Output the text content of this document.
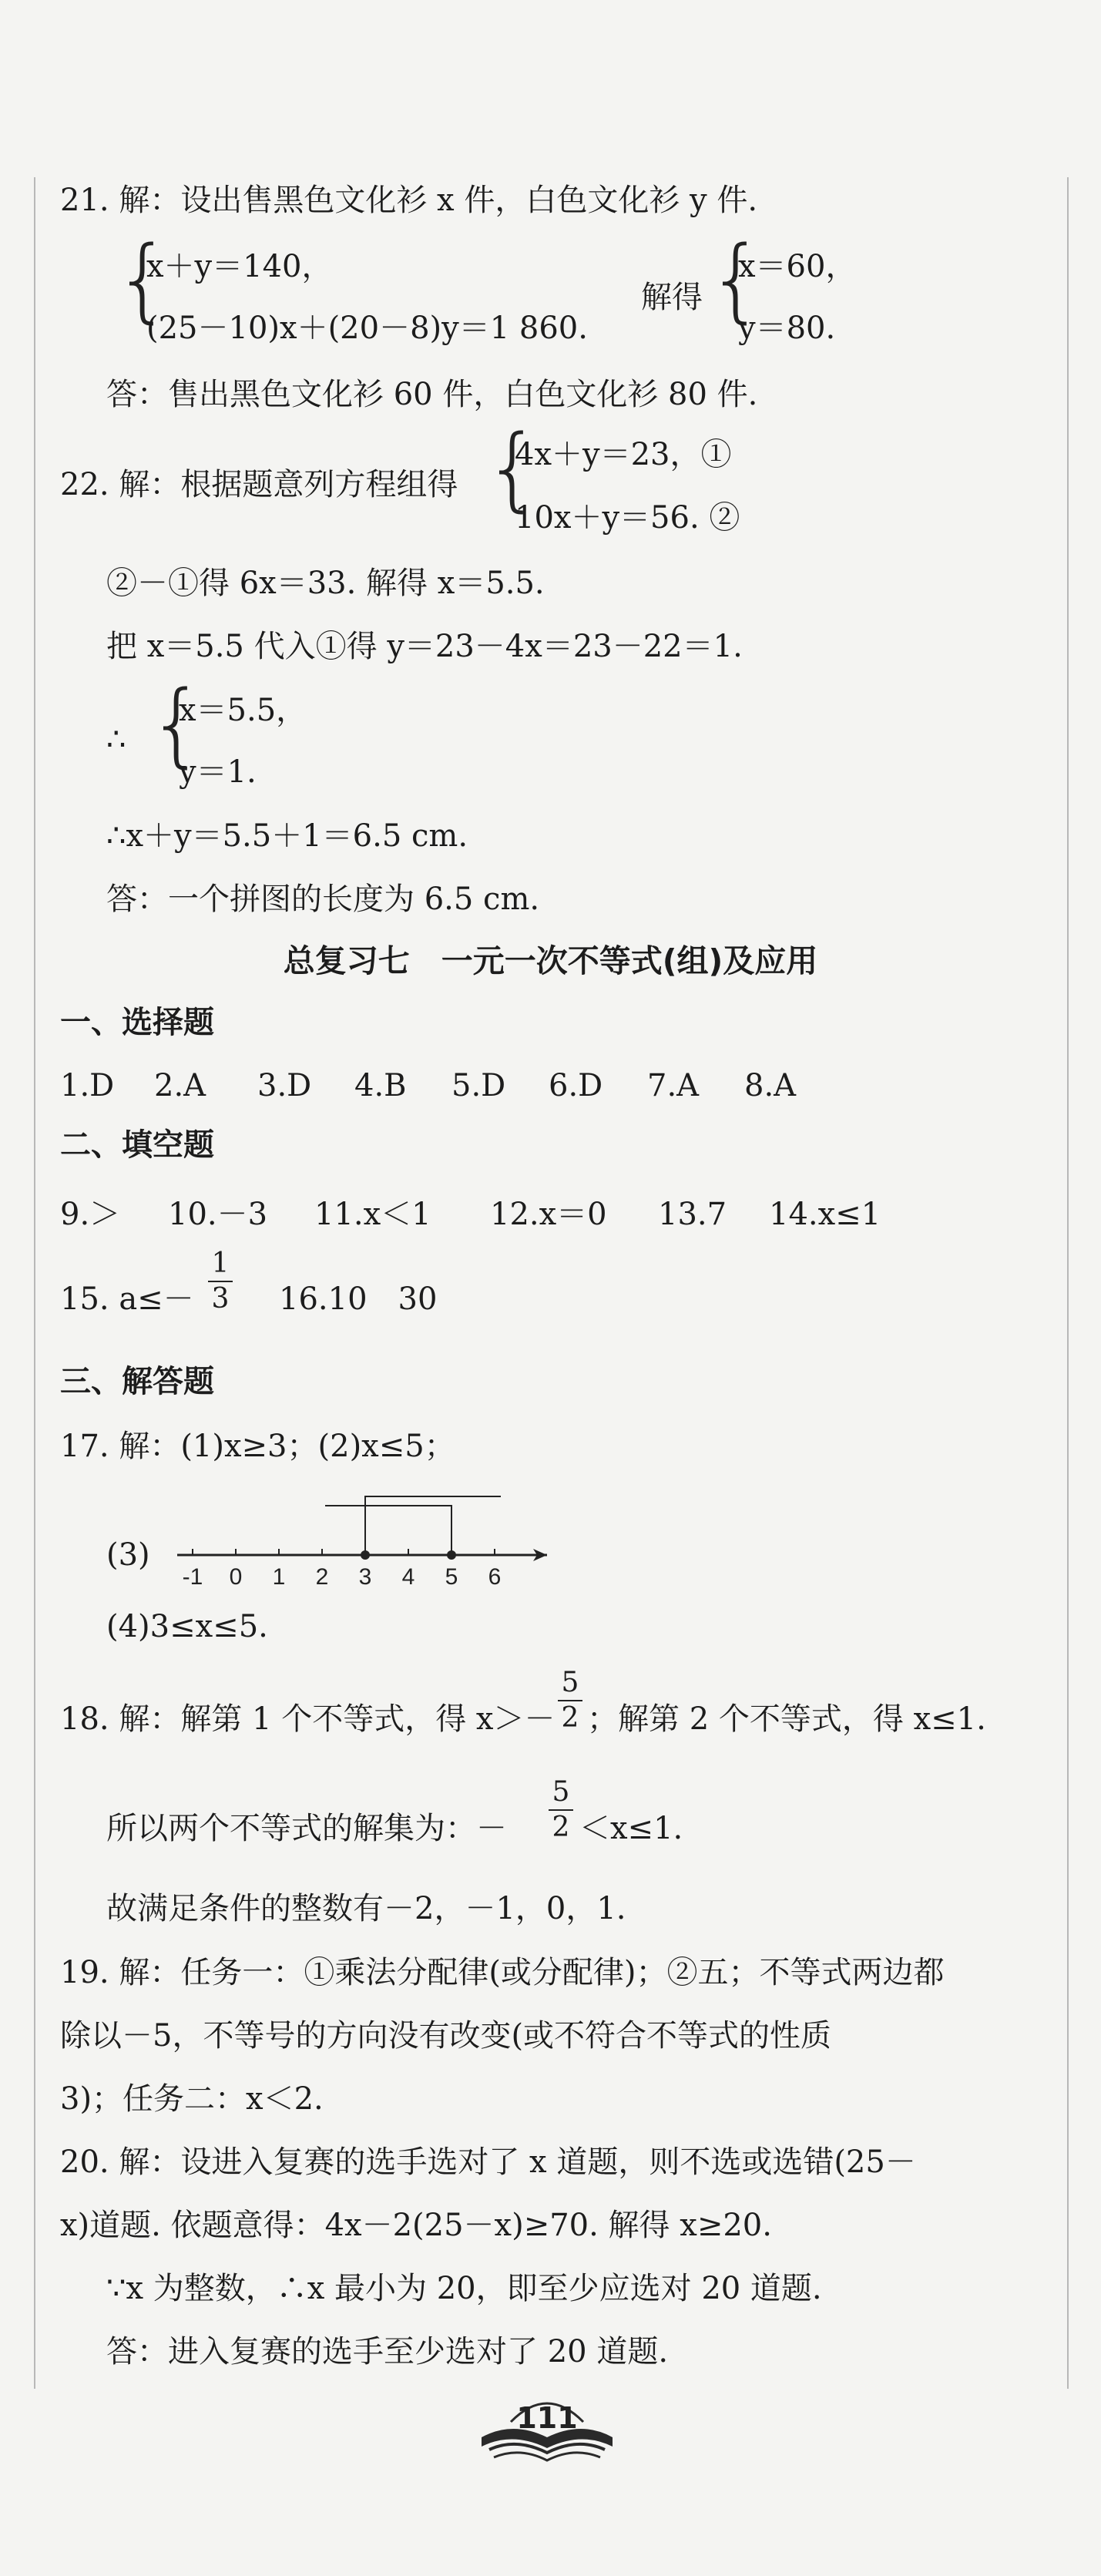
21. 解：设出售黑色文化衫 x 件，白色文化衫 y 件.
{
x＋y＝140，
(25－10)x＋(20－8)y＝1 860.
解得 {
x＝60，
y＝80.
答：售出黑色文化衫 60 件，白色文化衫 80 件.
22. 解：根据题意列方程组得 {
4x＋y＝23，①
10x＋y＝56. ②
②－①得 6x＝33. 解得 x＝5.5.
把 x＝5.5 代入①得 y＝23－4x＝23－22＝1.
∴ {
x＝5.5，
y＝1.
∴x＋y＝5.5＋1＝6.5 cm.
答：一个拼图的长度为 6.5 cm.
总复习七　一元一次不等式(组)及应用
一、选择题
1.D 2.A 3.D 4.B 5.D 6.D 7.A 8.A
二、填空题
9.＞ 10.－3 11.x＜1 12.x＝0 13.7 14.x≤1
15. a≤－
1
3 16.10　30
三、解答题
17. 解：(1)x≥3；(2)x≤5；
(3)
-1 0 1 2 3 4 5 6
(4)3≤x≤5.
18. 解：解第 1 个不等式，得 x＞－
5
2 ；解第 2 个不等式，得 x≤1.
所以两个不等式的解集为：－
5
2 ＜x≤1.
故满足条件的整数有－2，－1，0，1.
19. 解：任务一：①乘法分配律(或分配律)；②五；不等式两边都
除以－5，不等号的方向没有改变(或不符合不等式的性质
3)；任务二：x＜2.
20. 解：设进入复赛的选手选对了 x 道题，则不选或选错(25－
x)道题. 依题意得：4x－2(25－x)≥70. 解得 x≥20.
∵x 为整数，∴x 最小为 20，即至少应选对 20 道题.
答：进入复赛的选手至少选对了 20 道题.
111
